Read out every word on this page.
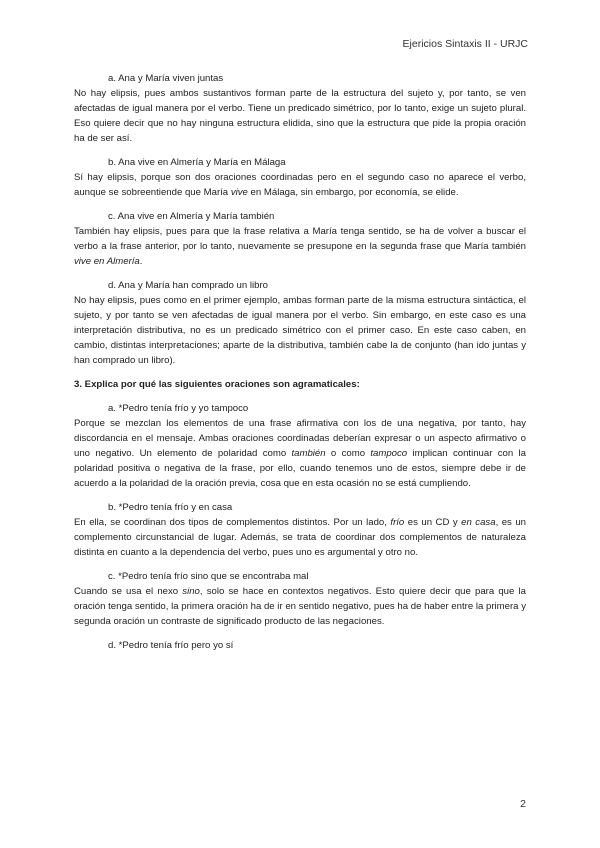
Ejericios Sintaxis II - URJC
a. Ana y María viven juntas
No hay elipsis, pues ambos sustantivos forman parte de la estructura del sujeto y, por tanto, se ven afectadas de igual manera por el verbo. Tiene un predicado simétrico, por lo tanto, exige un sujeto plural. Eso quiere decir que no hay ninguna estructura elidida, sino que la estructura que pide la propia oración ha de ser así.
b. Ana vive en Almería y María en Málaga
Sí hay elipsis, porque son dos oraciones coordinadas pero en el segundo caso no aparece el verbo, aunque se sobreentiende que María vive en Málaga, sin embargo, por economía, se elide.
c. Ana vive en Almería y María también
También hay elipsis, pues para que la frase relativa a María tenga sentido, se ha de volver a buscar el verbo a la frase anterior, por lo tanto, nuevamente se presupone en la segunda frase que María también vive en Almería.
d. Ana y María han comprado un libro
No hay elipsis, pues como en el primer ejemplo, ambas forman parte de la misma estructura sintáctica, el sujeto, y por tanto se ven afectadas de igual manera por el verbo. Sin embargo, en este caso es una interpretación distributiva, no es un predicado simétrico con el primer caso. En este caso caben, en cambio, distintas interpretaciones; aparte de la distributiva, también cabe la de conjunto (han ido juntas y han comprado un libro).
3. Explica por qué las siguientes oraciones son agramaticales:
a. *Pedro tenía frío y yo tampoco
Porque se mezclan los elementos de una frase afirmativa con los de una negativa, por tanto, hay discordancia en el mensaje. Ambas oraciones coordinadas deberían expresar o un aspecto afirmativo o uno negativo. Un elemento de polaridad como también o como tampoco implican continuar con la polaridad positiva o negativa de la frase, por ello, cuando tenemos uno de estos, siempre debe ir de acuerdo a la polaridad de la oración previa, cosa que en esta ocasión no se está cumpliendo.
b. *Pedro tenía frío y en casa
En ella, se coordinan dos tipos de complementos distintos. Por un lado, frío es un CD y en casa, es un complemento circunstancial de lugar. Además, se trata de coordinar dos complementos de naturaleza distinta en cuanto a la dependencia del verbo, pues uno es argumental y otro no.
c. *Pedro tenía frío sino que se encontraba mal
Cuando se usa el nexo sino, solo se hace en contextos negativos. Esto quiere decir que para que la oración tenga sentido, la primera oración ha de ir en sentido negativo, pues ha de haber entre la primera y segunda oración un contraste de significado producto de las negaciones.
d. *Pedro tenía frío pero yo sí
2
